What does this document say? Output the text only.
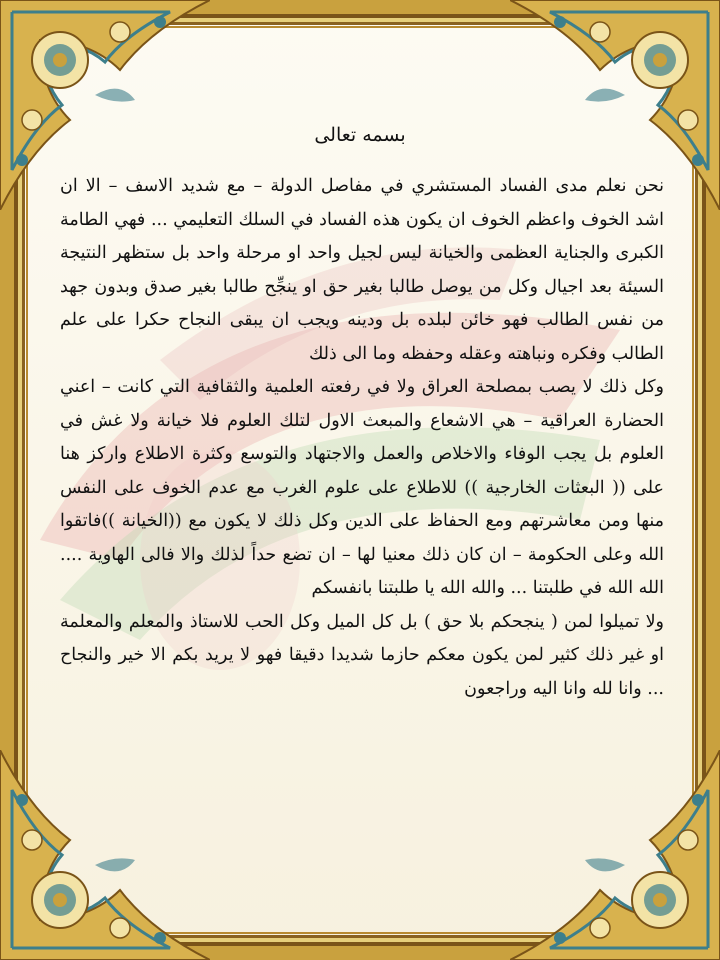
بسمه تعالى

نحن نعلم مدى الفساد المستشري في مفاصل الدولة – مع شديد الاسف – الا ان اشد الخوف واعظم الخوف ان يكون هذه الفساد في السلك التعليمي ... فهي الطامة الكبرى والجناية العظمى والخيانة ليس لجيل واحد او مرحلة واحد بل ستظهر النتيجة السيئة بعد اجيال وكل من يوصل طالبا بغير حق او ينجِّح طالبا بغير صدق وبدون جهد من نفس الطالب فهو خائن لبلده بل ودينه ويجب ان يبقى النجاح حكرا على علم الطالب وفكره ونباهته وعقله وحفظه وما الى ذلك

وكل ذلك لا يصب بمصلحة العراق ولا في رفعته العلمية والثقافية التي كانت – اعني الحضارة العراقية – هي الاشعاع والمبعث الاول لتلك العلوم فلا خيانة ولا غش في العلوم بل يجب الوفاء والاخلاص والعمل والاجتهاد والتوسع وكثرة الاطلاع واركز هنا على (( البعثات الخارجية )) للاطلاع على علوم الغرب مع عدم الخوف على النفس منها ومن معاشرتهم ومع الحفاظ على الدين وكل ذلك لا يكون مع ((الخيانة ))فاتقوا الله وعلى الحكومة – ان كان ذلك معنيا لها – ان تضع حداً لذلك والا فالى الهاوية .... الله الله في طلبتنا ... والله الله يا طلبتنا بانفسكم

ولا تميلوا لمن ( ينجحكم بلا حق ) بل كل الميل وكل الحب للاستاذ والمعلم والمعلمة او غير ذلك كثير لمن يكون معكم حازما شديدا دقيقا فهو لا يريد بكم الا خير والنجاح ... وانا لله وانا اليه وراجعون
